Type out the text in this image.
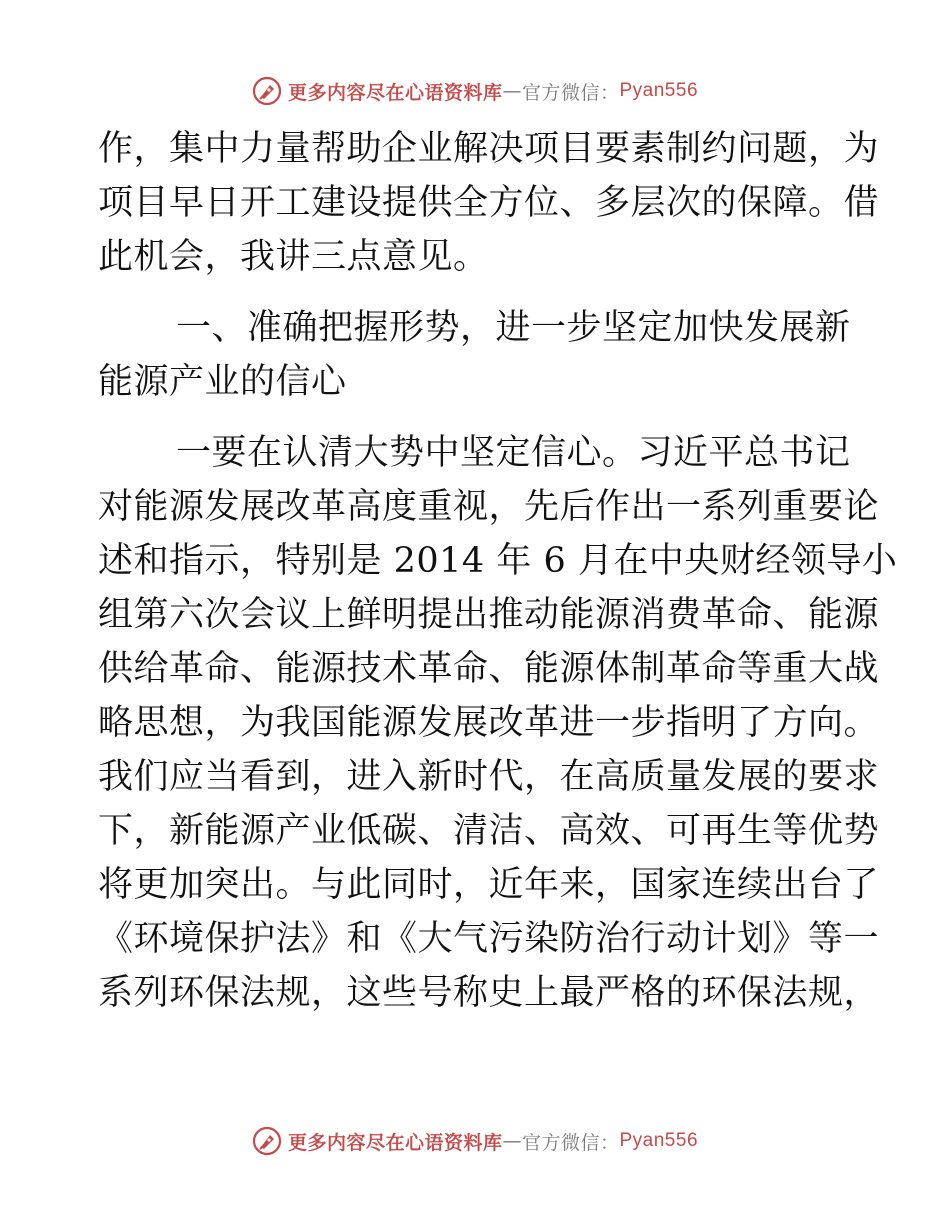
更多内容尽在心语资料库 — 官方微信： Pyan556
作，集中力量帮助企业解决项目要素制约问题，为
项目早日开工建设提供全方位、多层次的保障。借
此机会，我讲三点意见。
一、准确把握形势，进一步坚定加快发展新
能源产业的信心
一要在认清大势中坚定信心。习近平总书记
对能源发展改革高度重视，先后作出一系列重要论
述和指示，特别是 2014 年 6 月在中央财经领导小
组第六次会议上鲜明提出推动能源消费革命、能源
供给革命、能源技术革命、能源体制革命等重大战
略思想，为我国能源发展改革进一步指明了方向。
我们应当看到，进入新时代，在高质量发展的要求
下，新能源产业低碳、清洁、高效、可再生等优势
将更加突出。与此同时，近年来，国家连续出台了
《环境保护法》和《大气污染防治行动计划》等一
系列环保法规，这些号称史上最严格的环保法规，
更多内容尽在心语资料库 — 官方微信： Pyan556
